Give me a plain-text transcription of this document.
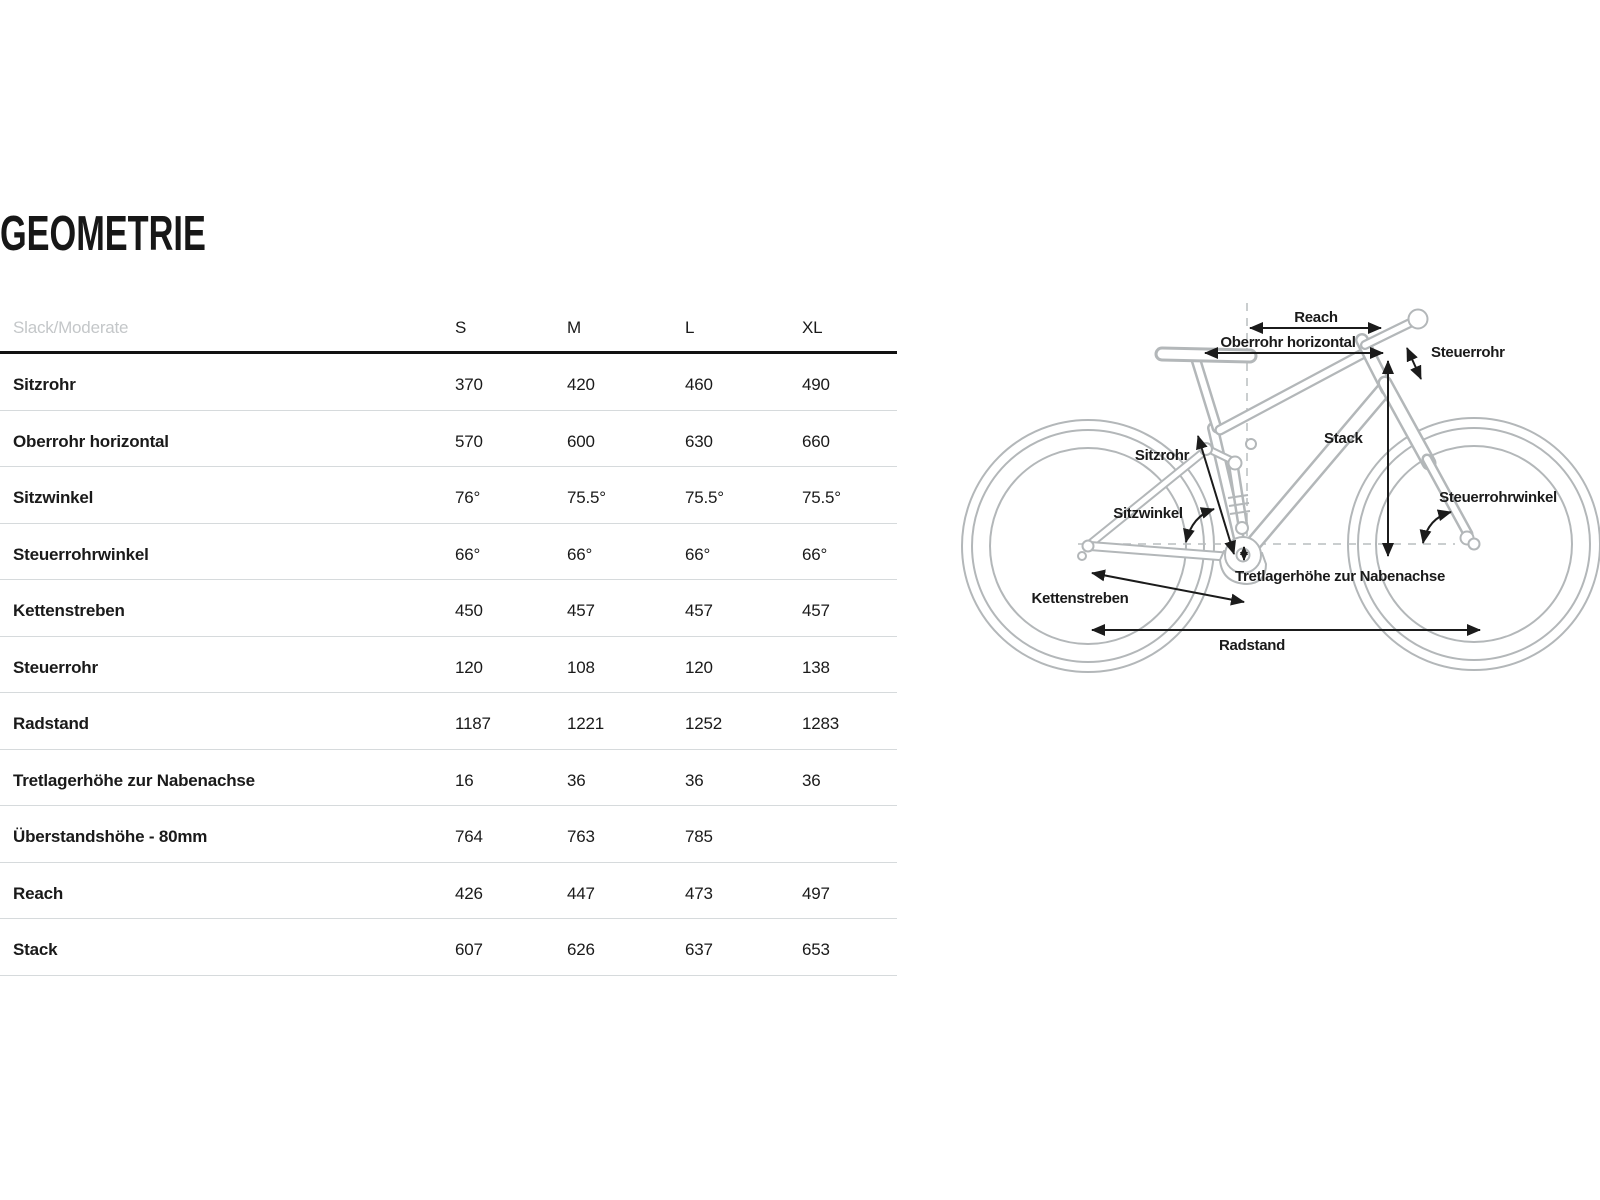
GEOMETRIE
Slack/Moderate	S	M	L	XL
Sitzrohr	370	420	460	490
Oberrohr horizontal	570	600	630	660
Sitzwinkel	76°	75.5°	75.5°	75.5°
Steuerrohrwinkel	66°	66°	66°	66°
Kettenstreben	450	457	457	457
Steuerrohr	120	108	120	138
Radstand	1187	1221	1252	1283
Tretlagerhöhe zur Nabenachse	16	36	36	36
Überstandshöhe - 80mm	764	763	785
Reach	426	447	473	497
Stack	607	626	637	653
Reach
Oberrohr horizontal
Steuerrohr
Stack
Sitzrohr
Sitzwinkel
Kettenstreben
Tretlagerhöhe zur Nabenachse
Radstand
Steuerrohrwinkel
